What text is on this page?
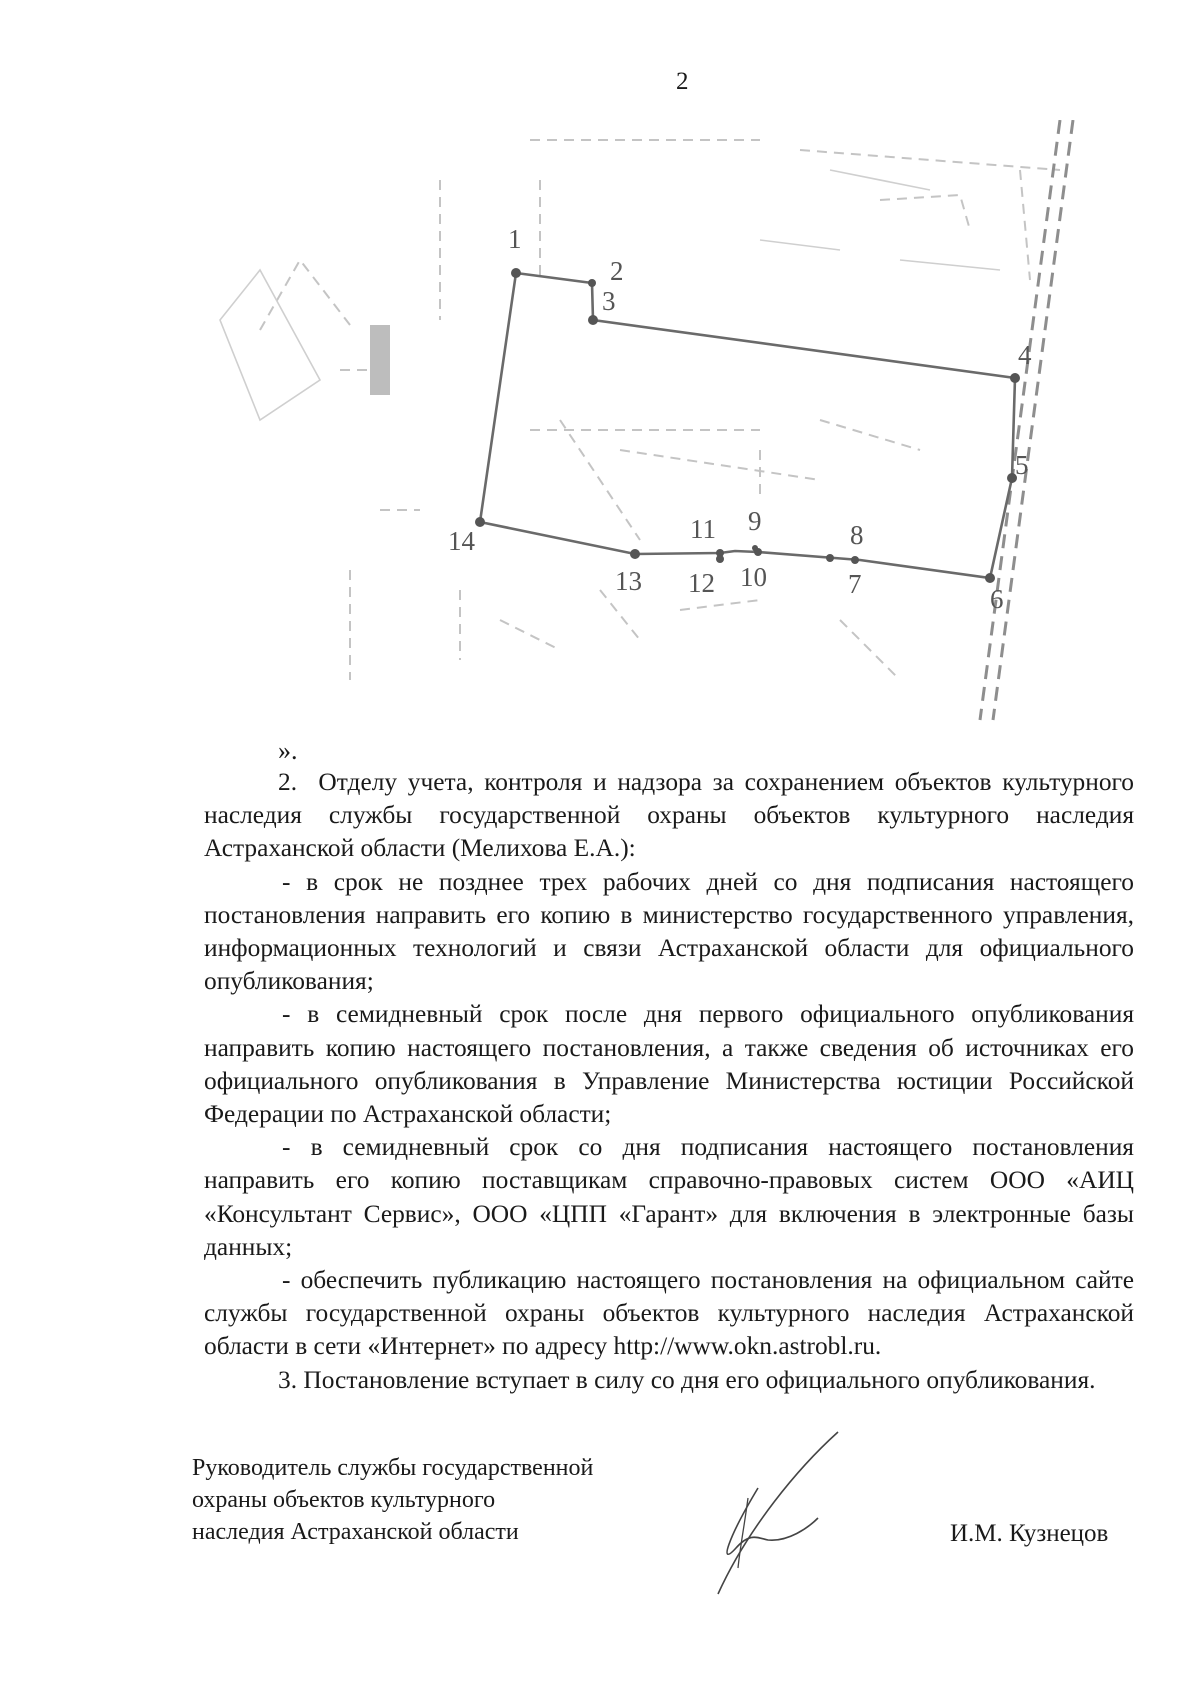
2
1
2
3
4
5
6
7
8
9
10
11
12
13
14
».

2.  Отделу учета, контроля и надзора за сохранением объектов культурного наследия службы государственной охраны объектов культурного наследия Астраханской области (Мелихова Е.А.):

- в срок не позднее трех рабочих дней со дня подписания настоящего постановления направить его копию в министерство государственного управления, информационных технологий и связи Астраханской области для официального опубликования;

- в семидневный срок после дня первого официального опубликования направить копию настоящего постановления, а также сведения об источниках его официального опубликования в Управление Министерства юстиции Российской Федерации по Астраханской области;

- в семидневный срок со дня подписания настоящего постановления направить его копию поставщикам справочно-правовых систем ООО «АИЦ «Консультант Сервис», ООО «ЦПП «Гарант» для включения в электронные базы данных;

- обеспечить публикацию настоящего постановления на официальном сайте службы государственной охраны объектов культурного наследия Астраханской области в сети «Интернет» по адресу http://www.okn.astrobl.ru.

3. Постановление вступает в силу со дня его официального опубликования.

Руководитель службы государственной
охраны объектов культурного
наследия Астраханской области	И.М. Кузнецов
